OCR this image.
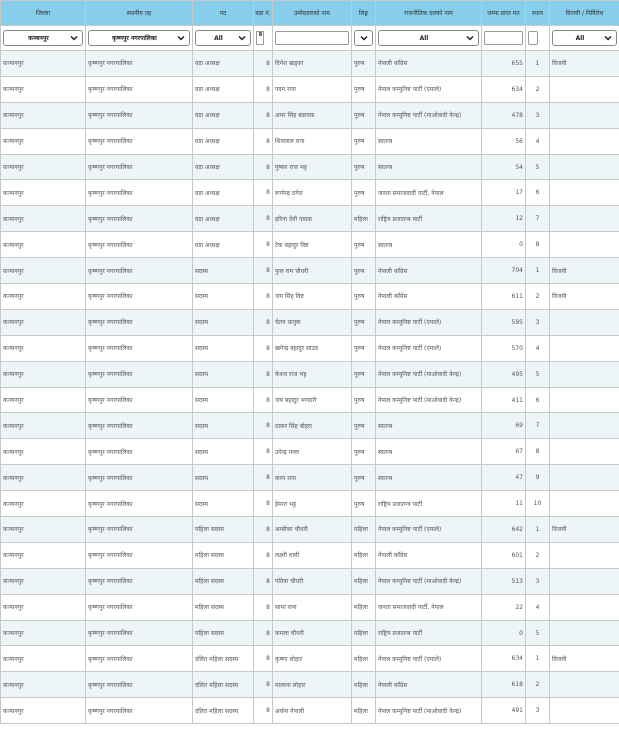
जिल्ला	स्थानीय तह	पद	वडा नं.	उम्मेदवारको नाम	लिङ्ग	राजनीतिक दलको नाम	जम्मा प्राप्त मत	स्थान	विजयी / निर्विरोध

कञ्चनपुर	कृष्णपुर नगरपालिका	All	8			All			All

कञ्चनपुर	कृष्णपुर नगरपालिका	वडा अध्यक्ष	8	दिनेश खड्का	पुरुष	नेपाली काँग्रेस	655	1	विजयी
कञ्चनपुर	कृष्णपुर नगरपालिका	वडा अध्यक्ष	8	पदम राना	पुरुष	नेपाल कम्युनिष्ट पार्टी (एमाले)	634	2	
कञ्चनपुर	कृष्णपुर नगरपालिका	वडा अध्यक्ष	8	अमर सिंह बडायक	पुरुष	नेपाल कम्युनिष्ट पार्टी (माओवादी केन्द्र)	478	3	
कञ्चनपुर	कृष्णपुर नगरपालिका	वडा अध्यक्ष	8	शिवलाल राना	पुरुष	स्वतन्त्र	56	4	
कञ्चनपुर	कृष्णपुर नगरपालिका	वडा अध्यक्ष	8	पुष्कर राज भट्ट	पुरुष	स्वतन्त्र	54	5	
कञ्चनपुर	कृष्णपुर नगरपालिका	वडा अध्यक्ष	8	रूप्पेन्द्र ठगेरा	पुरुष	जनता समाजवादी पार्टी, नेपाल	17	6	
कञ्चनपुर	कृष्णपुर नगरपालिका	वडा अध्यक्ष	8	हरिना देवी पाठक	महिला	राष्ट्रिय प्रजातन्त्र पार्टी	12	7	
कञ्चनपुर	कृष्णपुर नगरपालिका	वडा अध्यक्ष	8	टेक बहादुर विष्ट	पुरुष	स्वतन्त्र	0	8	
कञ्चनपुर	कृष्णपुर नगरपालिका	सदस्य	8	फुल राम चौधरी	पुरुष	नेपाली काँग्रेस	704	1	विजयी
कञ्चनपुर	कृष्णपुर नगरपालिका	सदस्य	8	जय सिंह विष्ट	पुरुष	नेपाली काँग्रेस	611	2	विजयी
कञ्चनपुर	कृष्णपुर नगरपालिका	सदस्य	8	चेतन धानुक	पुरुष	नेपाल कम्युनिष्ट पार्टी (एमाले)	595	3	
कञ्चनपुर	कृष्णपुर नगरपालिका	सदस्य	8	खगेन्द्र बहादुर साउद	पुरुष	नेपाल कम्युनिष्ट पार्टी (एमाले)	570	4	
कञ्चनपुर	कृष्णपुर नगरपालिका	सदस्य	8	केशव राज भट्ट	पुरुष	नेपाल कम्युनिष्ट पार्टी (माओवादी केन्द्र)	495	5	
कञ्चनपुर	कृष्णपुर नगरपालिका	सदस्य	8	जय बहादुर भण्डारी	पुरुष	नेपाल कम्युनिष्ट पार्टी (माओवादी केन्द्र)	411	6	
कञ्चनपुर	कृष्णपुर नगरपालिका	सदस्य	8	ठाकर सिंह बोहरा	पुरुष	स्वतन्त्र	69	7	
कञ्चनपुर	कृष्णपुर नगरपालिका	सदस्य	8	उपेन्द्र मल्ल	पुरुष	स्वतन्त्र	67	8	
कञ्चनपुर	कृष्णपुर नगरपालिका	सदस्य	8	करन राना	पुरुष	स्वतन्त्र	47	9	
कञ्चनपुर	कृष्णपुर नगरपालिका	सदस्य	8	हेमन्त भट्ट	पुरुष	राष्ट्रिय प्रजातन्त्र पार्टी	11	10	
कञ्चनपुर	कृष्णपुर नगरपालिका	महिला सदस्य	8	अम्बीका चौधरी	महिला	नेपाल कम्युनिष्ट पार्टी (एमाले)	642	1	विजयी
कञ्चनपुर	कृष्णपुर नगरपालिका	महिला सदस्य	8	लक्ष्मी धामी	महिला	नेपाली काँग्रेस	601	2	
कञ्चनपुर	कृष्णपुर नगरपालिका	महिला सदस्य	8	पवित्रा चौधरी	महिला	नेपाल कम्युनिष्ट पार्टी (माओवादी केन्द्र)	513	3	
कञ्चनपुर	कृष्णपुर नगरपालिका	महिला सदस्य	8	सामा राना	महिला	जनता समाजवादी पार्टी, नेपाल	22	4	
कञ्चनपुर	कृष्णपुर नगरपालिका	महिला सदस्य	8	कमला चौधरी	महिला	राष्ट्रिय प्रजातन्त्र पार्टी	0	5	
कञ्चनपुर	कृष्णपुर नगरपालिका	दलित महिला सदस्य	8	कृष्णा लोहार	महिला	नेपाल कम्युनिष्ट पार्टी (एमाले)	634	1	विजयी
कञ्चनपुर	कृष्णपुर नगरपालिका	दलित महिला सदस्य	8	मालाना लोहार	महिला	नेपाली काँग्रेस	618	2	
कञ्चनपुर	कृष्णपुर नगरपालिका	दलित महिला सदस्य	8	अर्चना नेपाली	महिला	नेपाल कम्युनिष्ट पार्टी (माओवादी केन्द्र)	491	3	
